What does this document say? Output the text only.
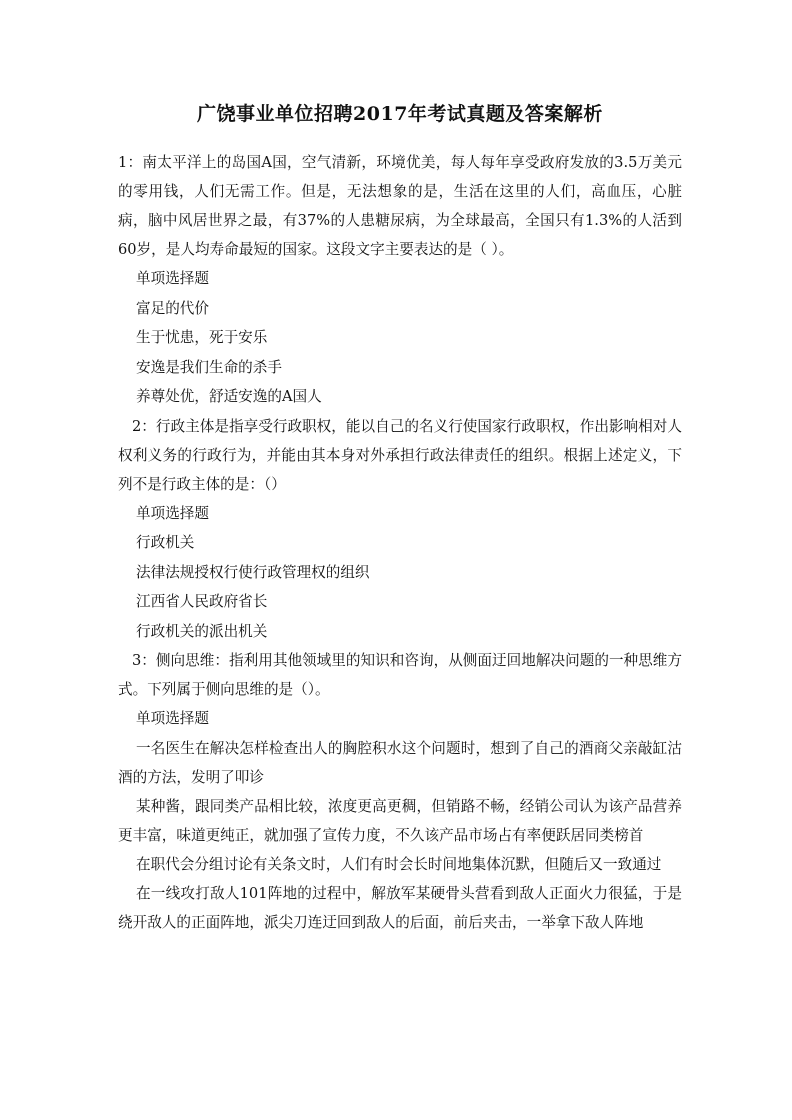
广饶事业单位招聘2017年考试真题及答案解析

1：南太平洋上的岛国A国，空气清新，环境优美，每人每年享受政府发放的3.5万美元的零用钱，人们无需工作。但是，无法想象的是，生活在这里的人们，高血压，心脏病，脑中风居世界之最，有37%的人患糖尿病，为全球最高，全国只有1.3%的人活到60岁，是人均寿命最短的国家。这段文字主要表达的是（ ）。

单项选择题

富足的代价

生于忧患，死于安乐

安逸是我们生命的杀手

养尊处优，舒适安逸的A国人

2：行政主体是指享受行政职权，能以自己的名义行使国家行政职权，作出影响相对人权利义务的行政行为，并能由其本身对外承担行政法律责任的组织。根据上述定义，下列不是行政主体的是：（）

单项选择题

行政机关

法律法规授权行使行政管理权的组织

江西省人民政府省长

行政机关的派出机关

3：侧向思维：指利用其他领域里的知识和咨询，从侧面迂回地解决问题的一种思维方式。下列属于侧向思维的是（）。

单项选择题

一名医生在解决怎样检查出人的胸腔积水这个问题时，想到了自己的酒商父亲敲缸沽酒的方法，发明了叩诊

某种酱，跟同类产品相比较，浓度更高更稠，但销路不畅，经销公司认为该产品营养更丰富，味道更纯正，就加强了宣传力度，不久该产品市场占有率便跃居同类榜首

在职代会分组讨论有关条文时，人们有时会长时间地集体沉默，但随后又一致通过

在一线攻打敌人101阵地的过程中，解放军某硬骨头营看到敌人正面火力很猛，于是绕开敌人的正面阵地，派尖刀连迂回到敌人的后面，前后夹击，一举拿下敌人阵地
